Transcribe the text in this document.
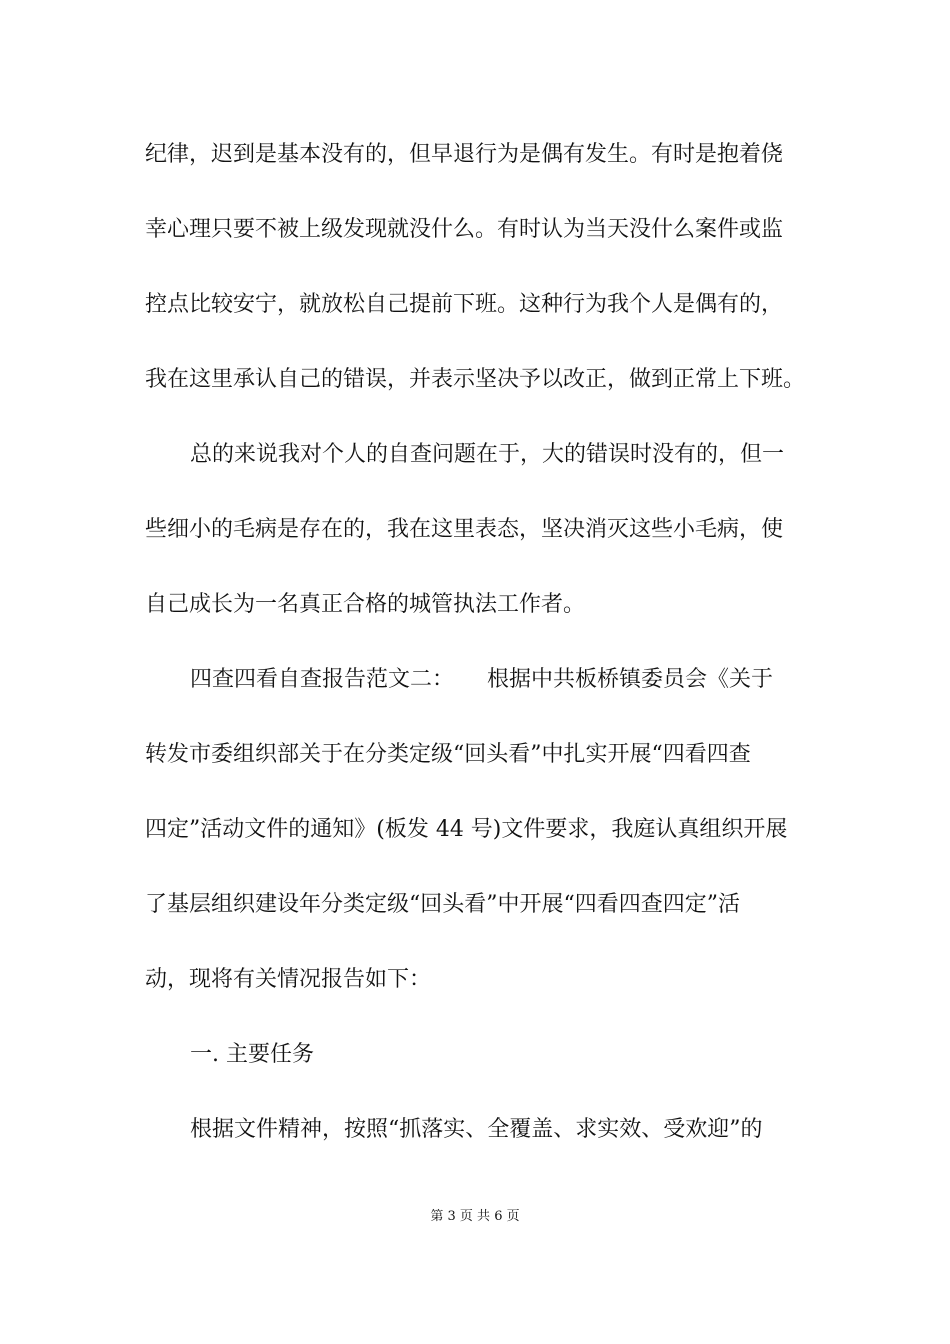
纪律，迟到是基本没有的，但早退行为是偶有发生。有时是抱着侥
幸心理只要不被上级发现就没什么。有时认为当天没什么案件或监
控点比较安宁，就放松自己提前下班。这种行为我个人是偶有的，
我在这里承认自己的错误，并表示坚决予以改正，做到正常上下班。
总的来说我对个人的自查问题在于，大的错误时没有的，但一
些细小的毛病是存在的，我在这里表态，坚决消灭这些小毛病，使
自己成长为一名真正合格的城管执法工作者。
四查四看自查报告范文二：　　根据中共板桥镇委员会《关于
转发市委组织部关于在分类定级“回头看”中扎实开展“四看四查
四定”活动文件的通知》(板发 44 号)文件要求，我庭认真组织开展
了基层组织建设年分类定级“回头看”中开展“四看四查四定”活
动，现将有关情况报告如下：
一. 主要任务
根据文件精神，按照“抓落实、全覆盖、求实效、受欢迎”的
第 3 页 共 6 页
